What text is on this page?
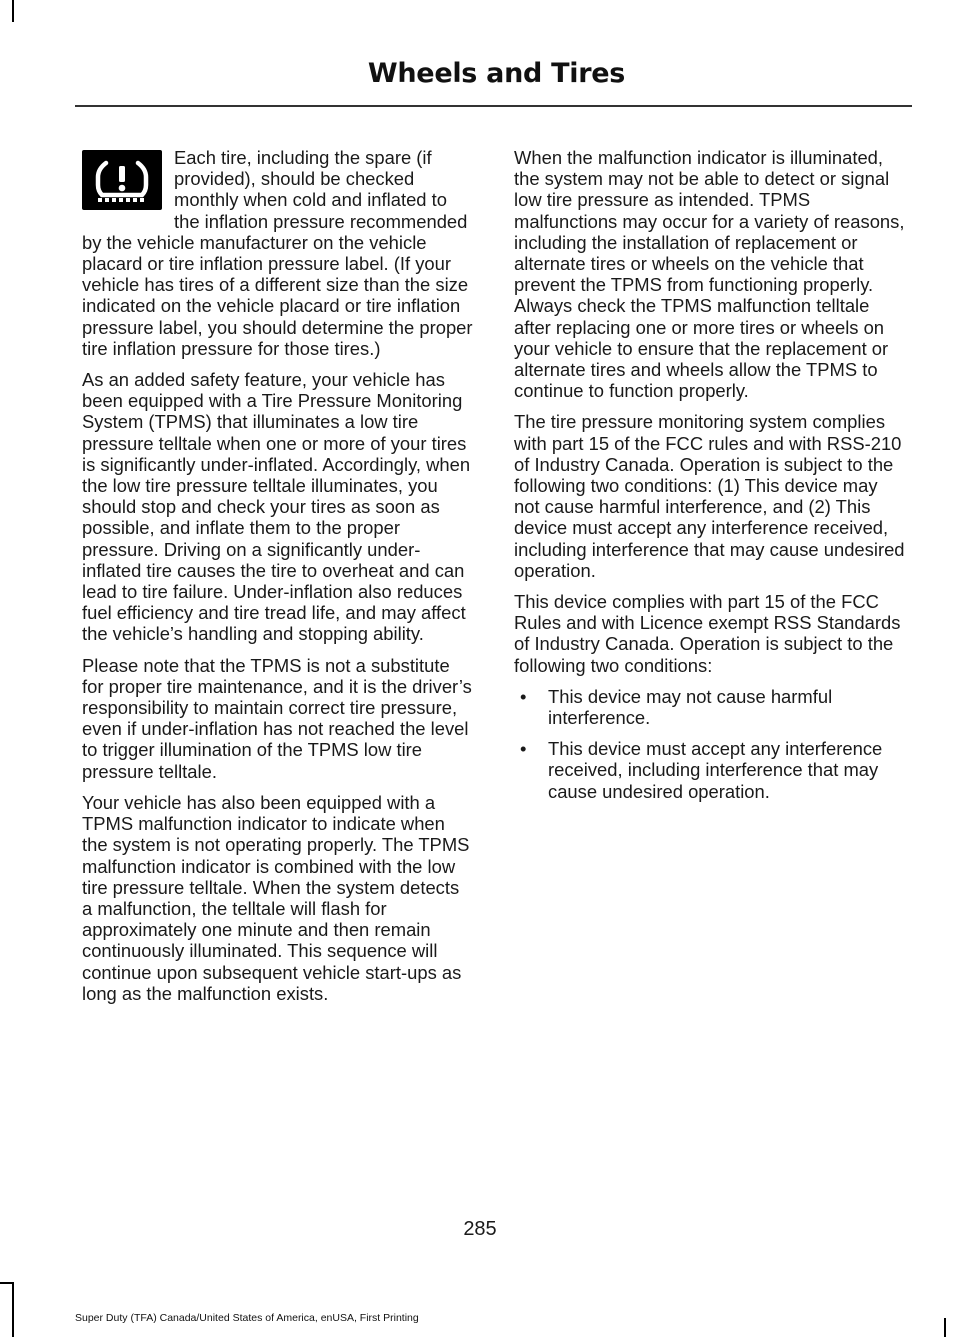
Wheels and Tires

Each tire, including the spare (if provided), should be checked monthly when cold and inflated to the inflation pressure recommended by the vehicle manufacturer on the vehicle placard or tire inflation pressure label. (If your vehicle has tires of a different size than the size indicated on the vehicle placard or tire inflation pressure label, you should determine the proper tire inflation pressure for those tires.)

As an added safety feature, your vehicle has been equipped with a Tire Pressure Monitoring System (TPMS) that illuminates a low tire pressure telltale when one or more of your tires is significantly under-inflated. Accordingly, when the low tire pressure telltale illuminates, you should stop and check your tires as soon as possible, and inflate them to the proper pressure. Driving on a significantly under-inflated tire causes the tire to overheat and can lead to tire failure. Under-inflation also reduces fuel efficiency and tire tread life, and may affect the vehicle’s handling and stopping ability.

Please note that the TPMS is not a substitute for proper tire maintenance, and it is the driver’s responsibility to maintain correct tire pressure, even if under-inflation has not reached the level to trigger illumination of the TPMS low tire pressure telltale.

Your vehicle has also been equipped with a TPMS malfunction indicator to indicate when the system is not operating properly. The TPMS malfunction indicator is combined with the low tire pressure telltale. When the system detects a malfunction, the telltale will flash for approximately one minute and then remain continuously illuminated. This sequence will continue upon subsequent vehicle start-ups as long as the malfunction exists.

When the malfunction indicator is illuminated, the system may not be able to detect or signal low tire pressure as intended. TPMS malfunctions may occur for a variety of reasons, including the installation of replacement or alternate tires or wheels on the vehicle that prevent the TPMS from functioning properly. Always check the TPMS malfunction telltale after replacing one or more tires or wheels on your vehicle to ensure that the replacement or alternate tires and wheels allow the TPMS to continue to function properly.

The tire pressure monitoring system complies with part 15 of the FCC rules and with RSS-210 of Industry Canada. Operation is subject to the following two conditions: (1) This device may not cause harmful interference, and (2) This device must accept any interference received, including interference that may cause undesired operation.

This device complies with part 15 of the FCC Rules and with Licence exempt RSS Standards of Industry Canada. Operation is subject to the following two conditions:

• This device may not cause harmful interference.
• This device must accept any interference received, including interference that may cause undesired operation.
285
Super Duty (TFA) Canada/United States of America, enUSA, First Printing
